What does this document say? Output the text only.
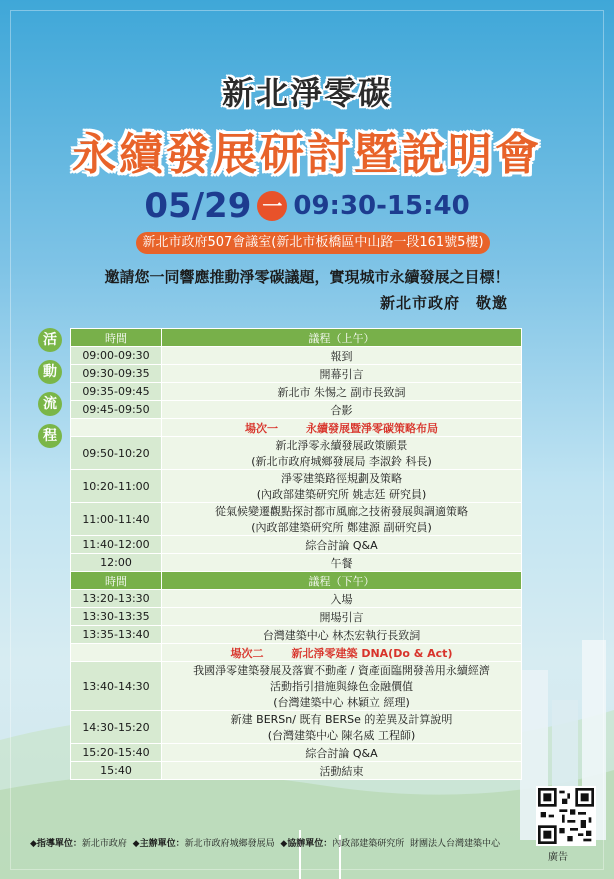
新北淨零碳
永續發展研討暨說明會
05/29 一 09:30-15:40
新北市政府507會議室(新北市板橋區中山路一段161號5樓)
邀請您一同響應推動淨零碳議題，實現城市永續發展之目標！
新北市政府　敬邀
活
動
流
程
時間	議程（上午）
09:00-09:30	報到
09:30-09:35	開幕引言
09:35-09:45	新北市 朱惕之 副市長致詞
09:45-09:50	合影
	場次一 永續發展暨淨零碳策略布局
09:50-10:20	新北淨零永續發展政策願景
(新北市政府城鄉發展局 李淑鈴 科長)

10:20-11:00	淨零建築路徑規劃及策略
(內政部建築研究所 姚志廷 研究員)

11:00-11:40	從氣候變遷觀點探討都市風廊之技術發展與調適策略
(內政部建築研究所 鄭建源 副研究員)

11:40-12:00	綜合討論 Q&A
12:00	午餐
時間	議程（下午）
13:20-13:30	入場
13:30-13:35	開場引言
13:35-13:40	台灣建築中心 林杰宏執行長致詞
	場次二 新北淨零建築 DNA(Do & Act)
13:40-14:30	我國淨零建築發展及落實不動產 / 資產面臨開發善用永續經濟
活動指引措施與綠色金融價值
(台灣建築中心 林穎立 經理)

14:30-15:20	新建 BERSn/ 既有 BERSe 的差異及計算說明
(台灣建築中心 陳名威 工程師)

15:20-15:40	綜合討論 Q&A
15:40	活動結束
◆指導單位：新北市政府 ◆主辦單位：新北市政府城鄉發展局 ◆協辦單位：內政部建築研究所 財團法人台灣建築中心
廣告
